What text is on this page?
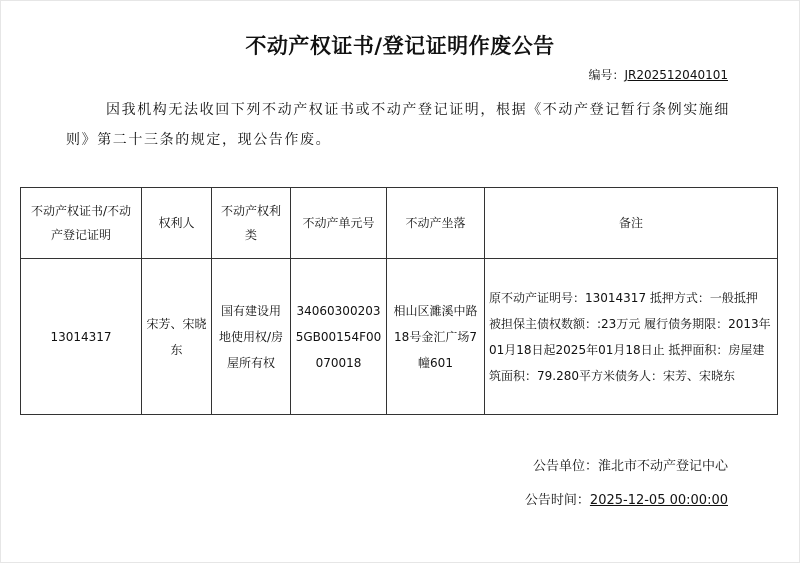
不动产权证书/登记证明作废公告
编号：JR2025120401​01
因我机构无法收回下列不动产权证书或不动产登记证明，根据《不动产登记暂行条例实施细则》第二十三条的规定，现公告作废。
不动产权证书/不动产登记证明	权利人	不动产权利类	不动产单元号	不动产坐落	备注
13014317	宋芳、宋晓东	国有建设用地使用权/房屋所有权	340603002035GB00154F00070018	相山区濉溪中路18号金汇广场7幢601	原不动产证明号：13014317 抵押方式：一般抵押 被担保主债权数额：:23万元 履行债务期限：2013年01月18日起2025年01月18日止 抵押面积：房屋建筑面积：79.280平方米债务人：宋芳、宋晓东
公告单位：淮北市不动产登记中心
公告时间：2025-12-05 00:00:00
